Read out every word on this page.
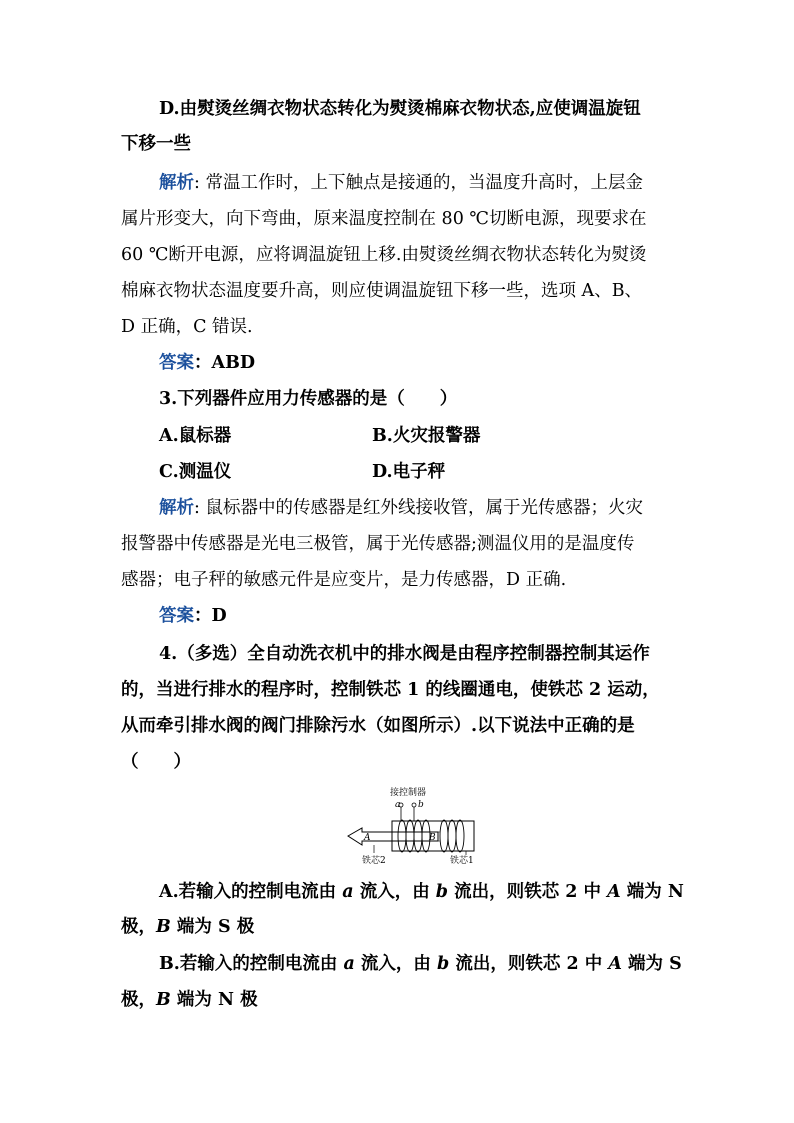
D.由熨烫丝绸衣物状态转化为熨烫棉麻衣物状态,应使调温旋钮
下移一些
解析: 常温工作时，上下触点是接通的，当温度升高时，上层金
属片形变大，向下弯曲，原来温度控制在 80 ℃切断电源，现要求在
60 ℃断开电源，应将调温旋钮上移.由熨烫丝绸衣物状态转化为熨烫
棉麻衣物状态温度要升高，则应使调温旋钮下移一些，选项 A、B、
D 正确，C 错误.
答案：ABD
3.下列器件应用力传感器的是（　　）
A.鼠标器	B.火灾报警器
C.测温仪	D.电子秤
解析: 鼠标器中的传感器是红外线接收管，属于光传感器；火灾
报警器中传感器是光电三极管，属于光传感器;测温仪用的是温度传
感器；电子秤的敏感元件是应变片，是力传感器，D 正确.
答案：D
4.（多选）全自动洗衣机中的排水阀是由程序控制器控制其运作
的，当进行排水的程序时，控制铁芯 1 的线圈通电，使铁芯 2 运动，
从而牵引排水阀的阀门排除污水（如图所示）.以下说法中正确的是
（　　）
接控制器
a b
A	B
铁芯2	铁芯1
A.若输入的控制电流由 a 流入，由 b 流出，则铁芯 2 中 A 端为 N
极，B 端为 S 极
B.若输入的控制电流由 a 流入，由 b 流出，则铁芯 2 中 A 端为 S
极，B 端为 N 极
